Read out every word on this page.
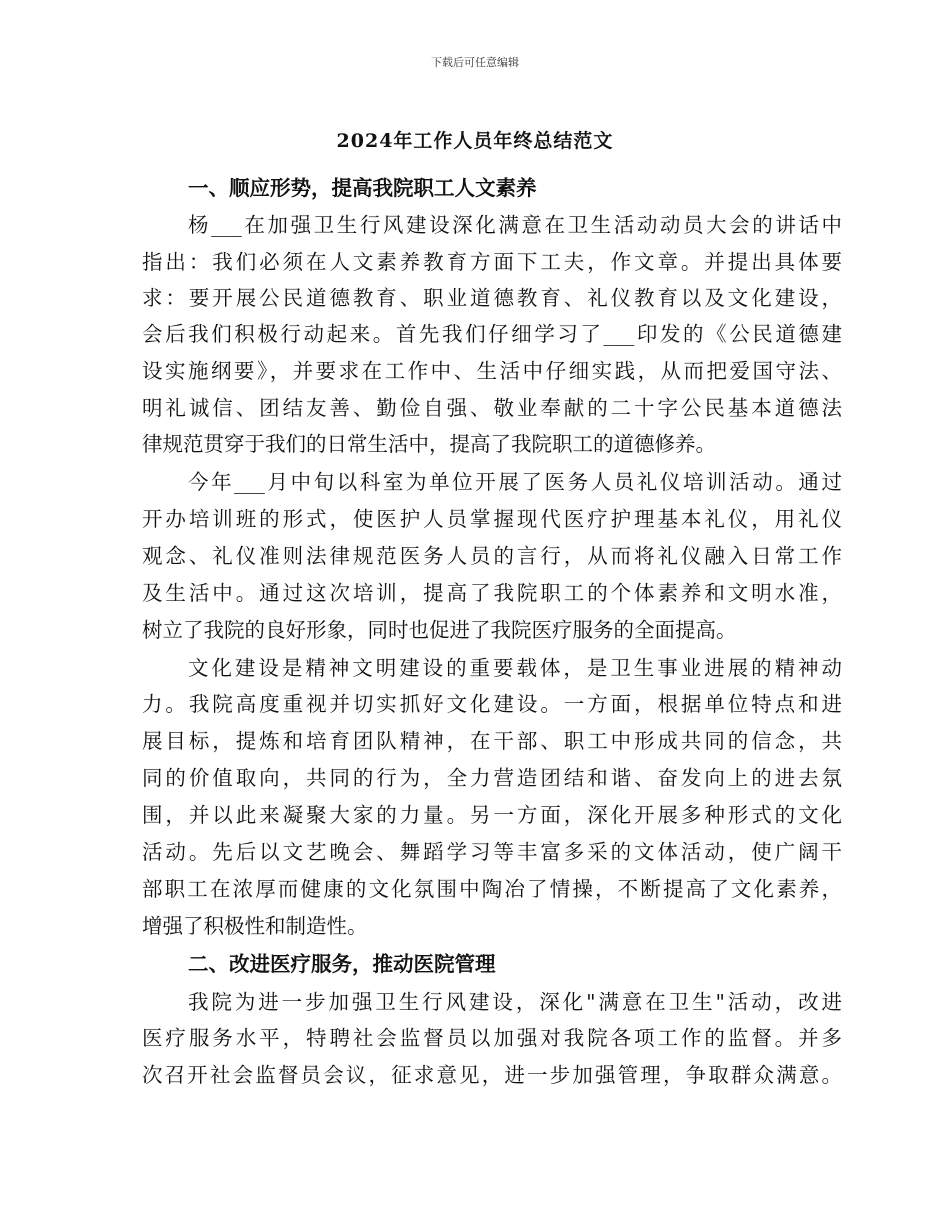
下载后可任意编辑
2024年工作人员年终总结范文
一、顺应形势，提高我院职工人文素养
杨___在加强卫生行风建设深化满意在卫生活动动员大会的讲话中
指出：我们必须在人文素养教育方面下工夫，作文章。并提出具体要
求：要开展公民道德教育、职业道德教育、礼仪教育以及文化建设，
会后我们积极行动起来。首先我们仔细学习了___印发的《公民道德建
设实施纲要》，并要求在工作中、生活中仔细实践，从而把爱国守法、
明礼诚信、团结友善、勤俭自强、敬业奉献的二十字公民基本道德法
律规范贯穿于我们的日常生活中，提高了我院职工的道德修养。
今年___月中旬以科室为单位开展了医务人员礼仪培训活动。通过
开办培训班的形式，使医护人员掌握现代医疗护理基本礼仪，用礼仪
观念、礼仪准则法律规范医务人员的言行，从而将礼仪融入日常工作
及生活中。通过这次培训，提高了我院职工的个体素养和文明水准，
树立了我院的良好形象，同时也促进了我院医疗服务的全面提高。
文化建设是精神文明建设的重要载体，是卫生事业进展的精神动
力。我院高度重视并切实抓好文化建设。一方面，根据单位特点和进
展目标，提炼和培育团队精神，在干部、职工中形成共同的信念，共
同的价值取向，共同的行为，全力营造团结和谐、奋发向上的进去氛
围，并以此来凝聚大家的力量。另一方面，深化开展多种形式的文化
活动。先后以文艺晚会、舞蹈学习等丰富多采的文体活动，使广阔干
部职工在浓厚而健康的文化氛围中陶冶了情操，不断提高了文化素养，
增强了积极性和制造性。
二、改进医疗服务，推动医院管理
我院为进一步加强卫生行风建设，深化"满意在卫生"活动，改进
医疗服务水平，特聘社会监督员以加强对我院各项工作的监督。并多
次召开社会监督员会议，征求意见，进一步加强管理，争取群众满意。
